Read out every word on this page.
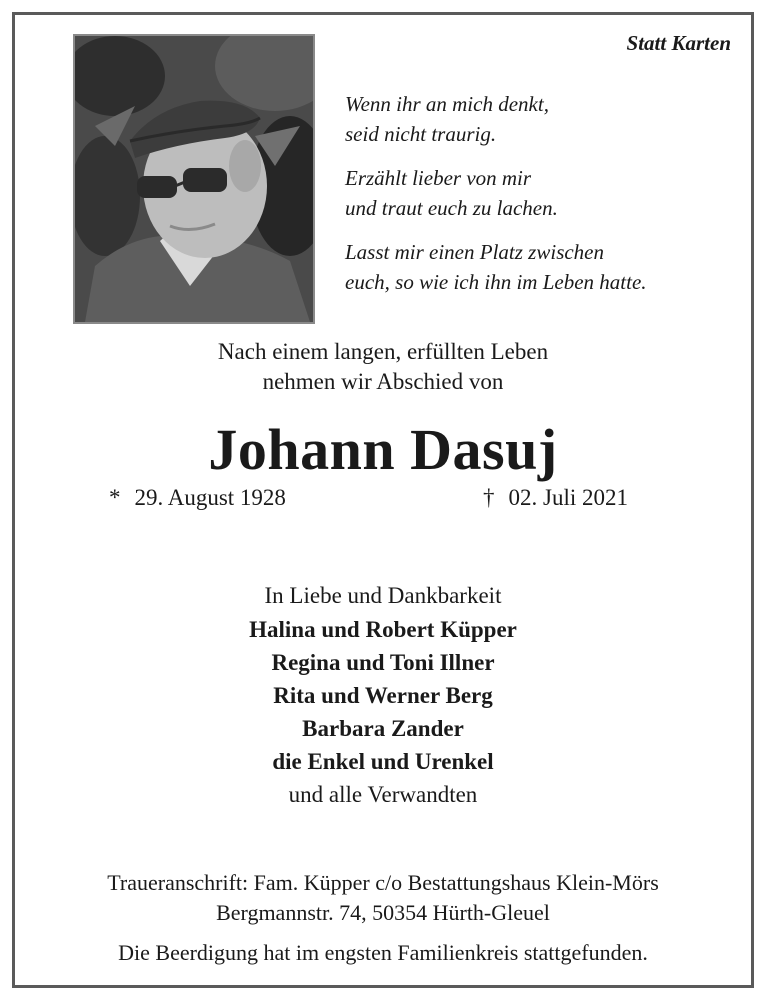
Statt Karten

Wenn ihr an mich denkt,
seid nicht traurig.

Erzählt lieber von mir
und traut euch zu lachen.

Lasst mir einen Platz zwischen
euch, so wie ich ihn im Leben hatte.

Nach einem langen, erfüllten Leben
nehmen wir Abschied von
Johann Dasuj
* 29. August 1928	† 02. Juli 2021
In Liebe und Dankbarkeit
Halina und Robert Küpper
Regina und Toni Illner
Rita und Werner Berg
Barbara Zander
die Enkel und Urenkel
und alle Verwandten
Traueranschrift: Fam. Küpper c/o Bestattungshaus Klein-Mörs
Bergmannstr. 74, 50354 Hürth-Gleuel
Die Beerdigung hat im engsten Familienkreis stattgefunden.
